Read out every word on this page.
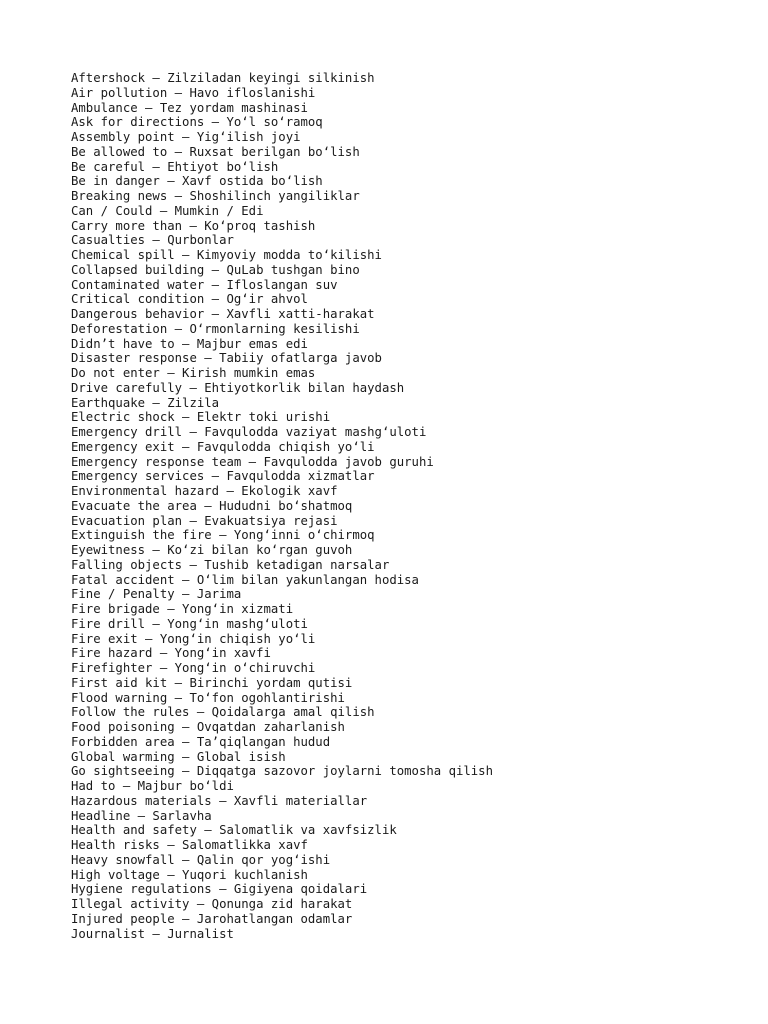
Aftershock – Zilziladan keyingi silkinish
Air pollution – Havo ifloslanishi
Ambulance – Tez yordam mashinasi
Ask for directions – Yo‘l so‘ramoq
Assembly point – Yig‘ilish joyi
Be allowed to – Ruxsat berilgan bo‘lish
Be careful – Ehtiyot bo‘lish
Be in danger – Xavf ostida bo‘lish
Breaking news – Shoshilinch yangiliklar
Can / Could – Mumkin / Edi
Carry more than – Ko‘proq tashish
Casualties – Qurbonlar
Chemical spill – Kimyoviy modda to‘kilishi
Collapsed building – QuLab tushgan bino
Contaminated water – Ifloslangan suv
Critical condition – Og‘ir ahvol
Dangerous behavior – Xavfli xatti-harakat
Deforestation – O‘rmonlarning kesilishi
Didn’t have to – Majbur emas edi
Disaster response – Tabiiy ofatlarga javob
Do not enter – Kirish mumkin emas
Drive carefully – Ehtiyotkorlik bilan haydash
Earthquake – Zilzila
Electric shock – Elektr toki urishi
Emergency drill – Favqulodda vaziyat mashg‘uloti
Emergency exit – Favqulodda chiqish yo‘li
Emergency response team – Favqulodda javob guruhi
Emergency services – Favqulodda xizmatlar
Environmental hazard – Ekologik xavf
Evacuate the area – Hududni bo‘shatmoq
Evacuation plan – Evakuatsiya rejasi
Extinguish the fire – Yong‘inni o‘chirmoq
Eyewitness – Ko‘zi bilan ko‘rgan guvoh
Falling objects – Tushib ketadigan narsalar
Fatal accident – O‘lim bilan yakunlangan hodisa
Fine / Penalty – Jarima
Fire brigade – Yong‘in xizmati
Fire drill – Yong‘in mashg‘uloti
Fire exit – Yong‘in chiqish yo‘li
Fire hazard – Yong‘in xavfi
Firefighter – Yong‘in o‘chiruvchi
First aid kit – Birinchi yordam qutisi
Flood warning – To‘fon ogohlantirishi
Follow the rules – Qoidalarga amal qilish
Food poisoning – Ovqatdan zaharlanish
Forbidden area – Ta’qiqlangan hudud
Global warming – Global isish
Go sightseeing – Diqqatga sazovor joylarni tomosha qilish
Had to – Majbur bo‘ldi
Hazardous materials – Xavfli materiallar
Headline – Sarlavha
Health and safety – Salomatlik va xavfsizlik
Health risks – Salomatlikka xavf
Heavy snowfall – Qalin qor yog‘ishi
High voltage – Yuqori kuchlanish
Hygiene regulations – Gigiyena qoidalari
Illegal activity – Qonunga zid harakat
Injured people – Jarohatlangan odamlar
Journalist – Jurnalist
